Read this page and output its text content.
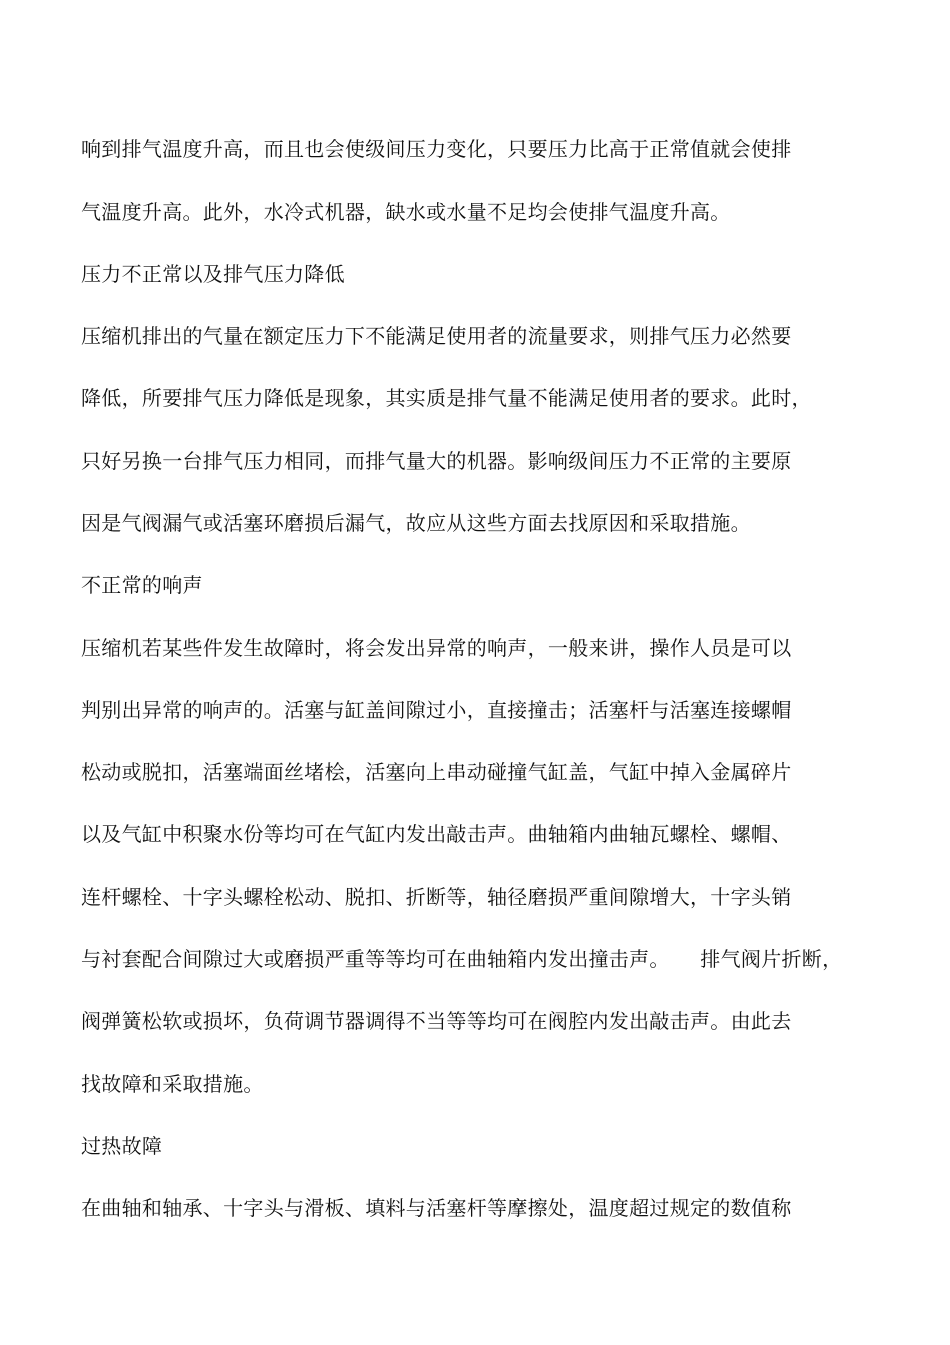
响到排气温度升高，而且也会使级间压力变化，只要压力比高于正常值就会使排
气温度升高。此外，水冷式机器，缺水或水量不足均会使排气温度升高。
压力不正常以及排气压力降低
压缩机排出的气量在额定压力下不能满足使用者的流量要求，则排气压力必然要
降低，所要排气压力降低是现象，其实质是排气量不能满足使用者的要求。此时，
只好另换一台排气压力相同，而排气量大的机器。影响级间压力不正常的主要原
因是气阀漏气或活塞环磨损后漏气，故应从这些方面去找原因和采取措施。
不正常的响声
压缩机若某些件发生故障时，将会发出异常的响声，一般来讲，操作人员是可以
判别出异常的响声的。活塞与缸盖间隙过小，直接撞击；活塞杆与活塞连接螺帽
松动或脱扣，活塞端面丝堵桧，活塞向上串动碰撞气缸盖，气缸中掉入金属碎片
以及气缸中积聚水份等均可在气缸内发出敲击声。曲轴箱内曲轴瓦螺栓、螺帽、
连杆螺栓、十字头螺栓松动、脱扣、折断等，轴径磨损严重间隙增大，十字头销
与衬套配合间隙过大或磨损严重等等均可在曲轴箱内发出撞击声。　　排气阀片折断，
阀弹簧松软或损坏，负荷调节器调得不当等等均可在阀腔内发出敲击声。由此去
找故障和采取措施。
过热故障
在曲轴和轴承、十字头与滑板、填料与活塞杆等摩擦处，温度超过规定的数值称
